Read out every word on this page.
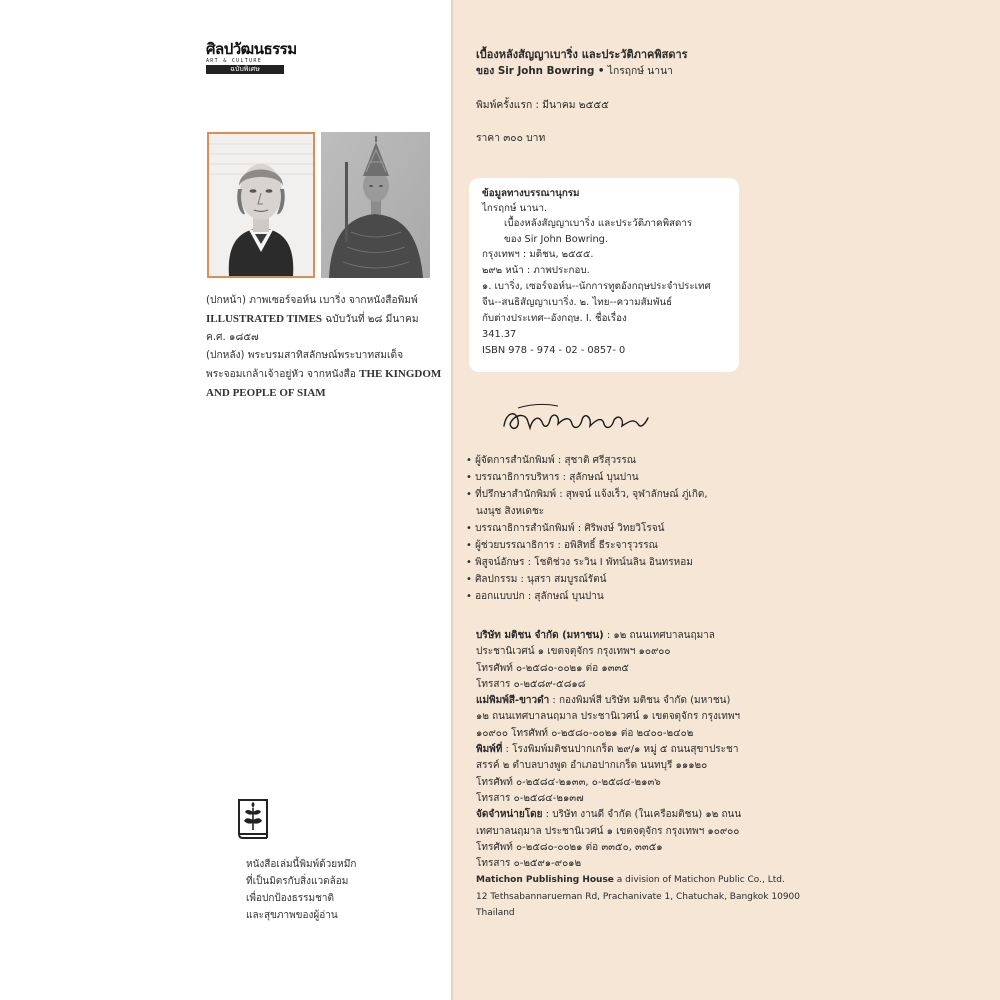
ศิลปวัฒนธรรม
ART & CULTURE
ฉบับพิเศษ
(ปกหน้า) ภาพเซอร์จอห์น เบาริ่ง จากหนังสือพิมพ์
ILLUSTRATED TIMES ฉบับวันที่ ๒๘ มีนาคม
ค.ศ. ๑๘๕๗
(ปกหลัง) พระบรมสาทิสลักษณ์พระบาทสมเด็จ
พระจอมเกล้าเจ้าอยู่หัว จากหนังสือ THE KINGDOM
AND PEOPLE OF SIAM
หนังสือเล่มนี้พิมพ์ด้วยหมึก
ที่เป็นมิตรกับสิ่งแวดล้อม
เพื่อปกป้องธรรมชาติ
และสุขภาพของผู้อ่าน
เบื้องหลังสัญญาเบาริ่ง และประวัติภาคพิสดาร
ของ Sir John Bowring • ไกรฤกษ์ นานา
พิมพ์ครั้งแรก : มีนาคม ๒๕๕๕
ราคา ๓๐๐ บาท
ข้อมูลทางบรรณานุกรม
ไกรฤกษ์ นานา.
เบื้องหลังสัญญาเบาริ่ง และประวัติภาคพิสดาร
ของ Sir John Bowring.
กรุงเทพฯ : มติชน, ๒๕๕๕.
๒๙๒ หน้า : ภาพประกอบ.
๑. เบาริ่ง, เซอร์จอห์น--นักการทูตอังกฤษประจำประเทศ
จีน--สนธิสัญญาเบาริ่ง. ๒. ไทย--ความสัมพันธ์
กับต่างประเทศ--อังกฤษ. I. ชื่อเรื่อง
341.37
ISBN 978 - 974 - 02 - 0857- 0
• ผู้จัดการสำนักพิมพ์ : สุชาติ ศรีสุวรรณ
• บรรณาธิการบริหาร : สุลักษณ์ บุนปาน
• ที่ปรึกษาสำนักพิมพ์ : สุพจน์ แจ้งเร็ว, จุฬาลักษณ์ ภู่เกิด,
นงนุช สิงหเดชะ
• บรรณาธิการสำนักพิมพ์ : ศิริพงษ์ วิทยวิโรจน์
• ผู้ช่วยบรรณาธิการ : อพิสิทธิ์ ธีระจารุวรรณ
• พิสูจน์อักษร : โชติช่วง ระวิน I พัทน์นลิน อินทรหอม
• ศิลปกรรม : นุสรา สมบูรณ์รัตน์
• ออกแบบปก : สุลักษณ์ บุนปาน
บริษัท มติชน จำกัด (มหาชน) : ๑๒ ถนนเทศบาลนฤมาล
ประชานิเวศน์ ๑ เขตจตุจักร กรุงเทพฯ ๑๐๙๐๐
โทรศัพท์ ๐-๒๕๘๐-๐๐๒๑ ต่อ ๑๓๓๕
โทรสาร ๐-๒๕๘๙-๕๘๑๘
แม่พิมพ์สี-ขาวดำ : กองพิมพ์สี บริษัท มติชน จำกัด (มหาชน)
๑๒ ถนนเทศบาลนฤมาล ประชานิเวศน์ ๑ เขตจตุจักร กรุงเทพฯ
๑๐๙๐๐ โทรศัพท์ ๐-๒๕๘๐-๐๐๒๑ ต่อ ๒๔๐๐-๒๔๐๒
พิมพ์ที่ : โรงพิมพ์มติชนปากเกร็ด ๒๙/๑ หมู่ ๕ ถนนสุขาประชา
สรรค์ ๒ ตำบลบางพูด อำเภอปากเกร็ด นนทบุรี ๑๑๑๒๐
โทรศัพท์ ๐-๒๕๘๔-๒๑๓๓, ๐-๒๕๘๔-๒๑๓๖
โทรสาร ๐-๒๕๘๔-๒๑๓๗
จัดจำหน่ายโดย : บริษัท งานดี จำกัด (ในเครือมติชน) ๑๒ ถนน
เทศบาลนฤมาล ประชานิเวศน์ ๑ เขตจตุจักร กรุงเทพฯ ๑๐๙๐๐
โทรศัพท์ ๐-๒๕๘๐-๐๐๒๑ ต่อ ๓๓๕๐, ๓๓๕๑
โทรสาร ๐-๒๕๙๑-๙๐๑๒
Matichon Publishing House a division of Matichon Public Co., Ltd.
12 Tethsabannarueman Rd, Prachanivate 1, Chatuchak, Bangkok 10900
Thailand
